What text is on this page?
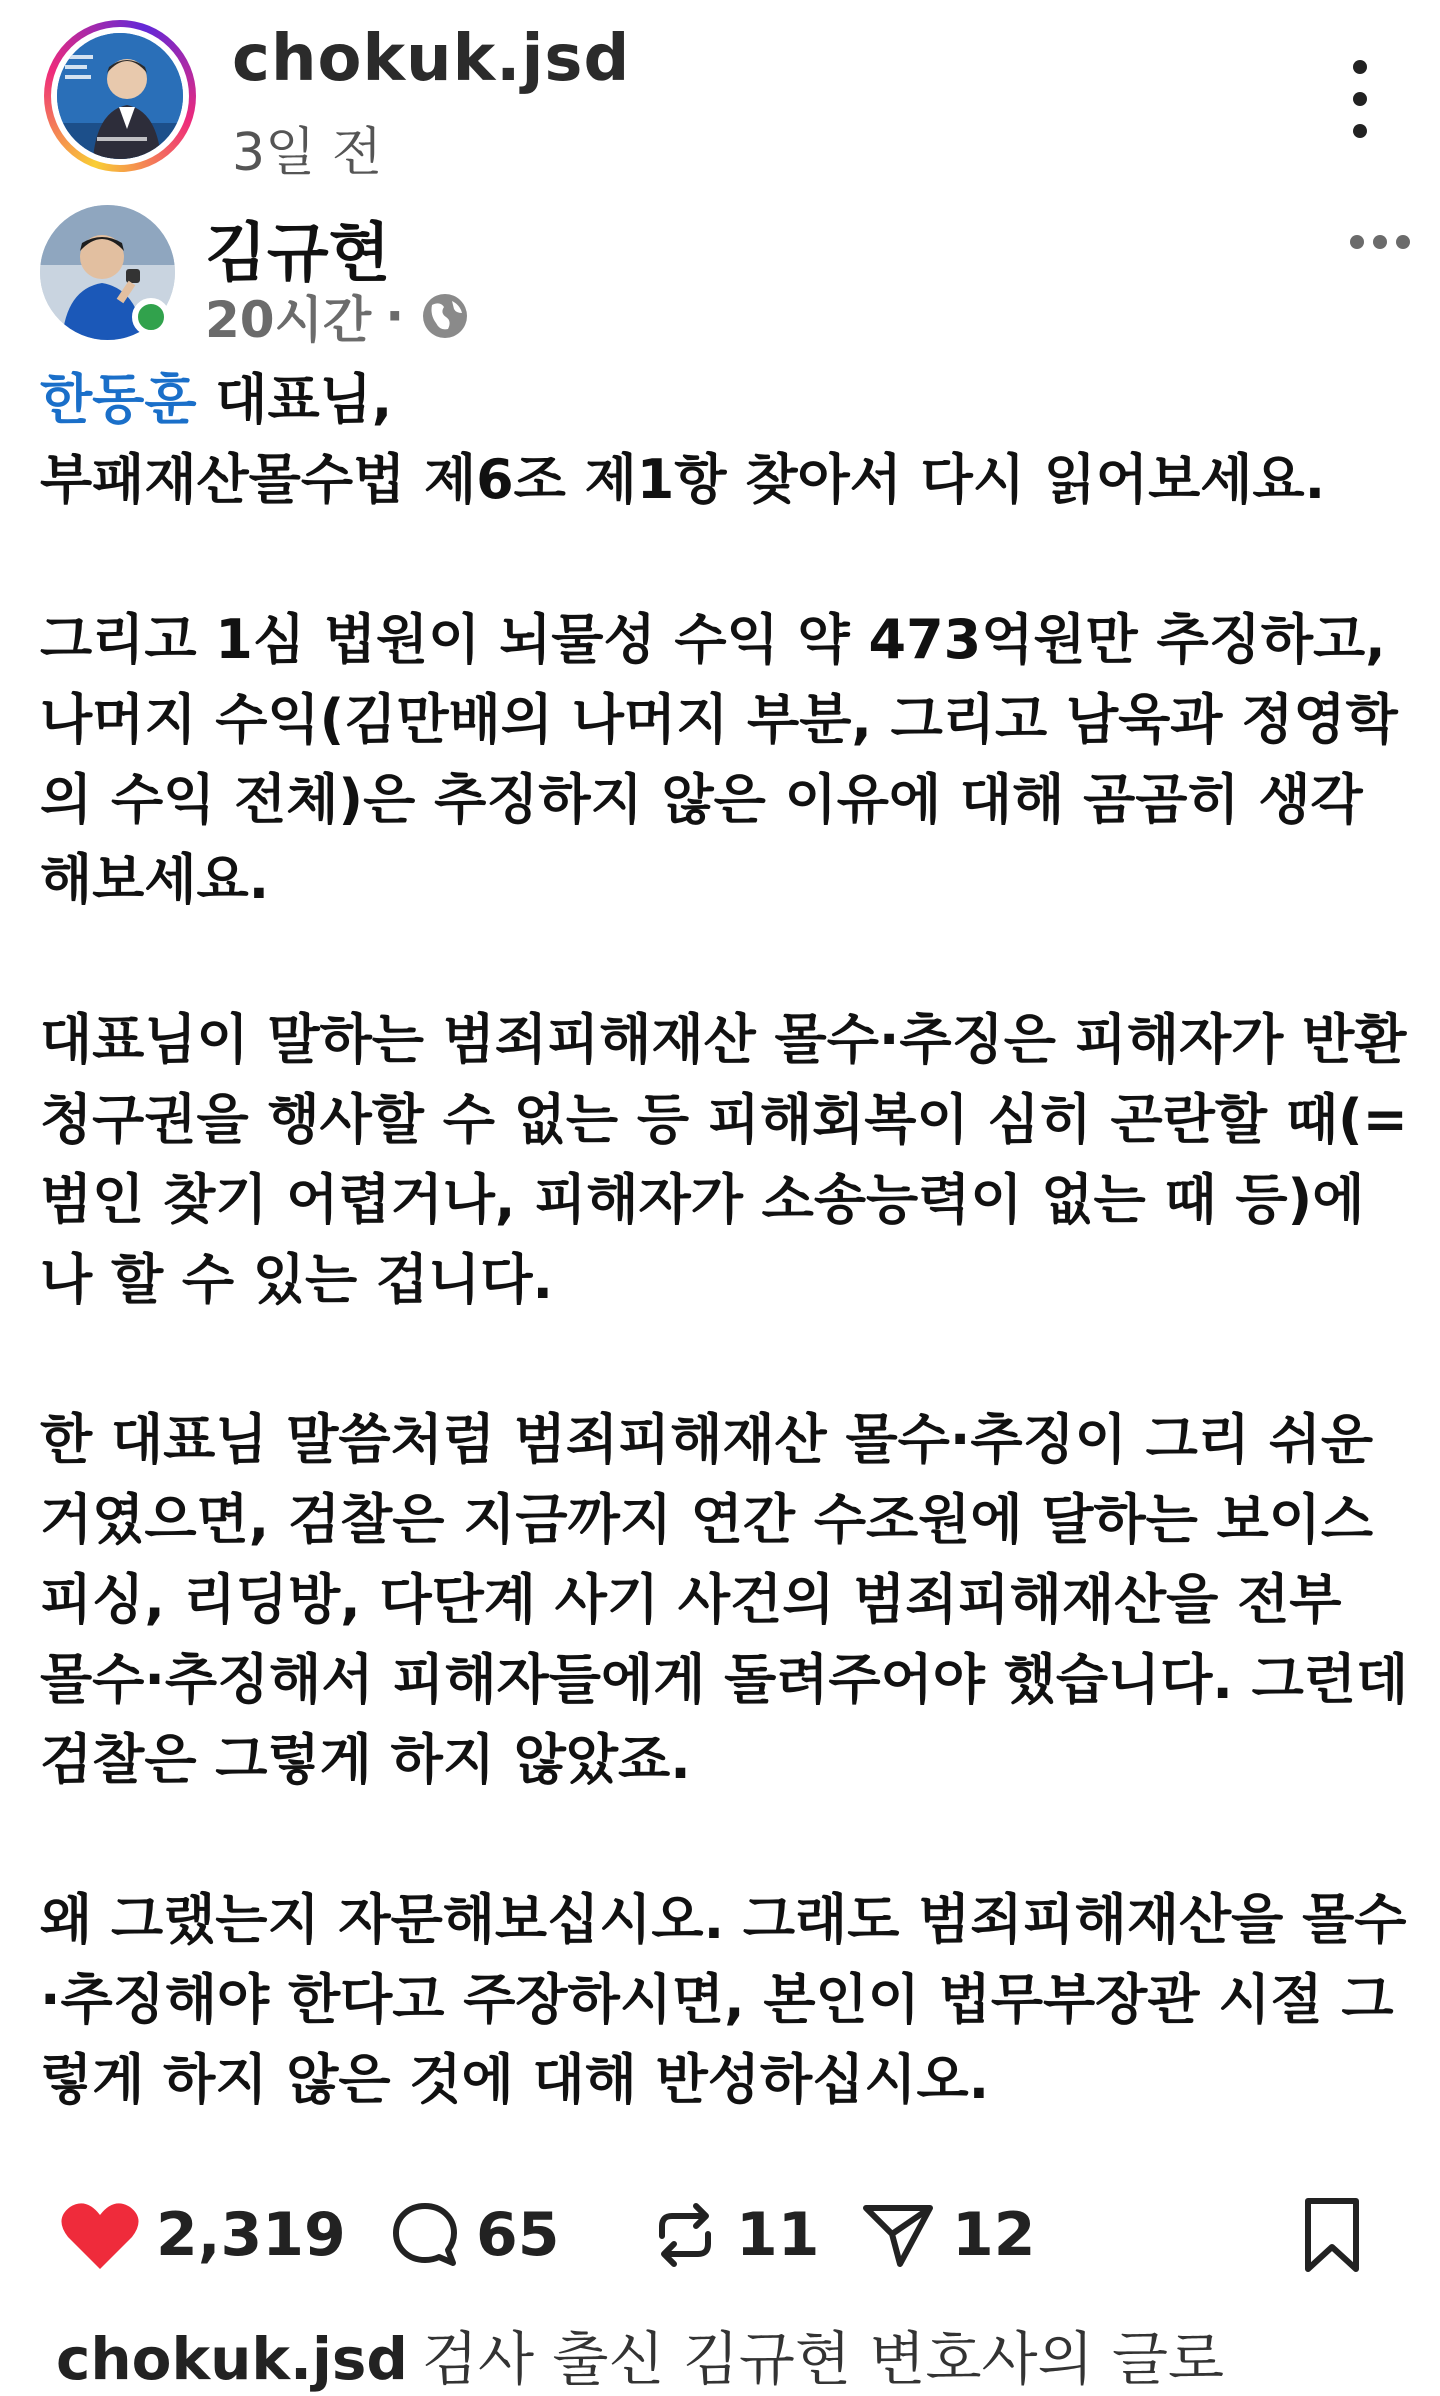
chokuk.jsd
3일 전
김규현
20시간 ·

한동훈 대표님,
부패재산몰수법 제6조 제1항 찾아서 다시 읽어보세요.

그리고 1심 법원이 뇌물성 수익 약 473억원만 추징하고, 나머지 수익(김만배의 나머지 부분, 그리고 남욱과 정영학의 수익 전체)은 추징하지 않은 이유에 대해 곰곰히 생각해보세요.

대표님이 말하는 범죄피해재산 몰수·추징은 피해자가 반환청구권을 행사할 수 없는 등 피해회복이 심히 곤란할 때(=범인 찾기 어렵거나, 피해자가 소송능력이 없는 때 등)에나 할 수 있는 겁니다.

한 대표님 말씀처럼 범죄피해재산 몰수·추징이 그리 쉬운 거였으면, 검찰은 지금까지 연간 수조원에 달하는 보이스피싱, 리딩방, 다단계 사기 사건의 범죄피해재산을 전부 몰수·추징해서 피해자들에게 돌려주어야 했습니다. 그런데 검찰은 그렇게 하지 않았죠.

왜 그랬는지 자문해보십시오. 그래도 범죄피해재산을 몰수·추징해야 한다고 주장하시면, 본인이 법무부장관 시절 그렇게 하지 않은 것에 대해 반성하십시오.

2,319 65	11 12
chokuk.jsd 검사 출신 김규현 변호사의 글로
